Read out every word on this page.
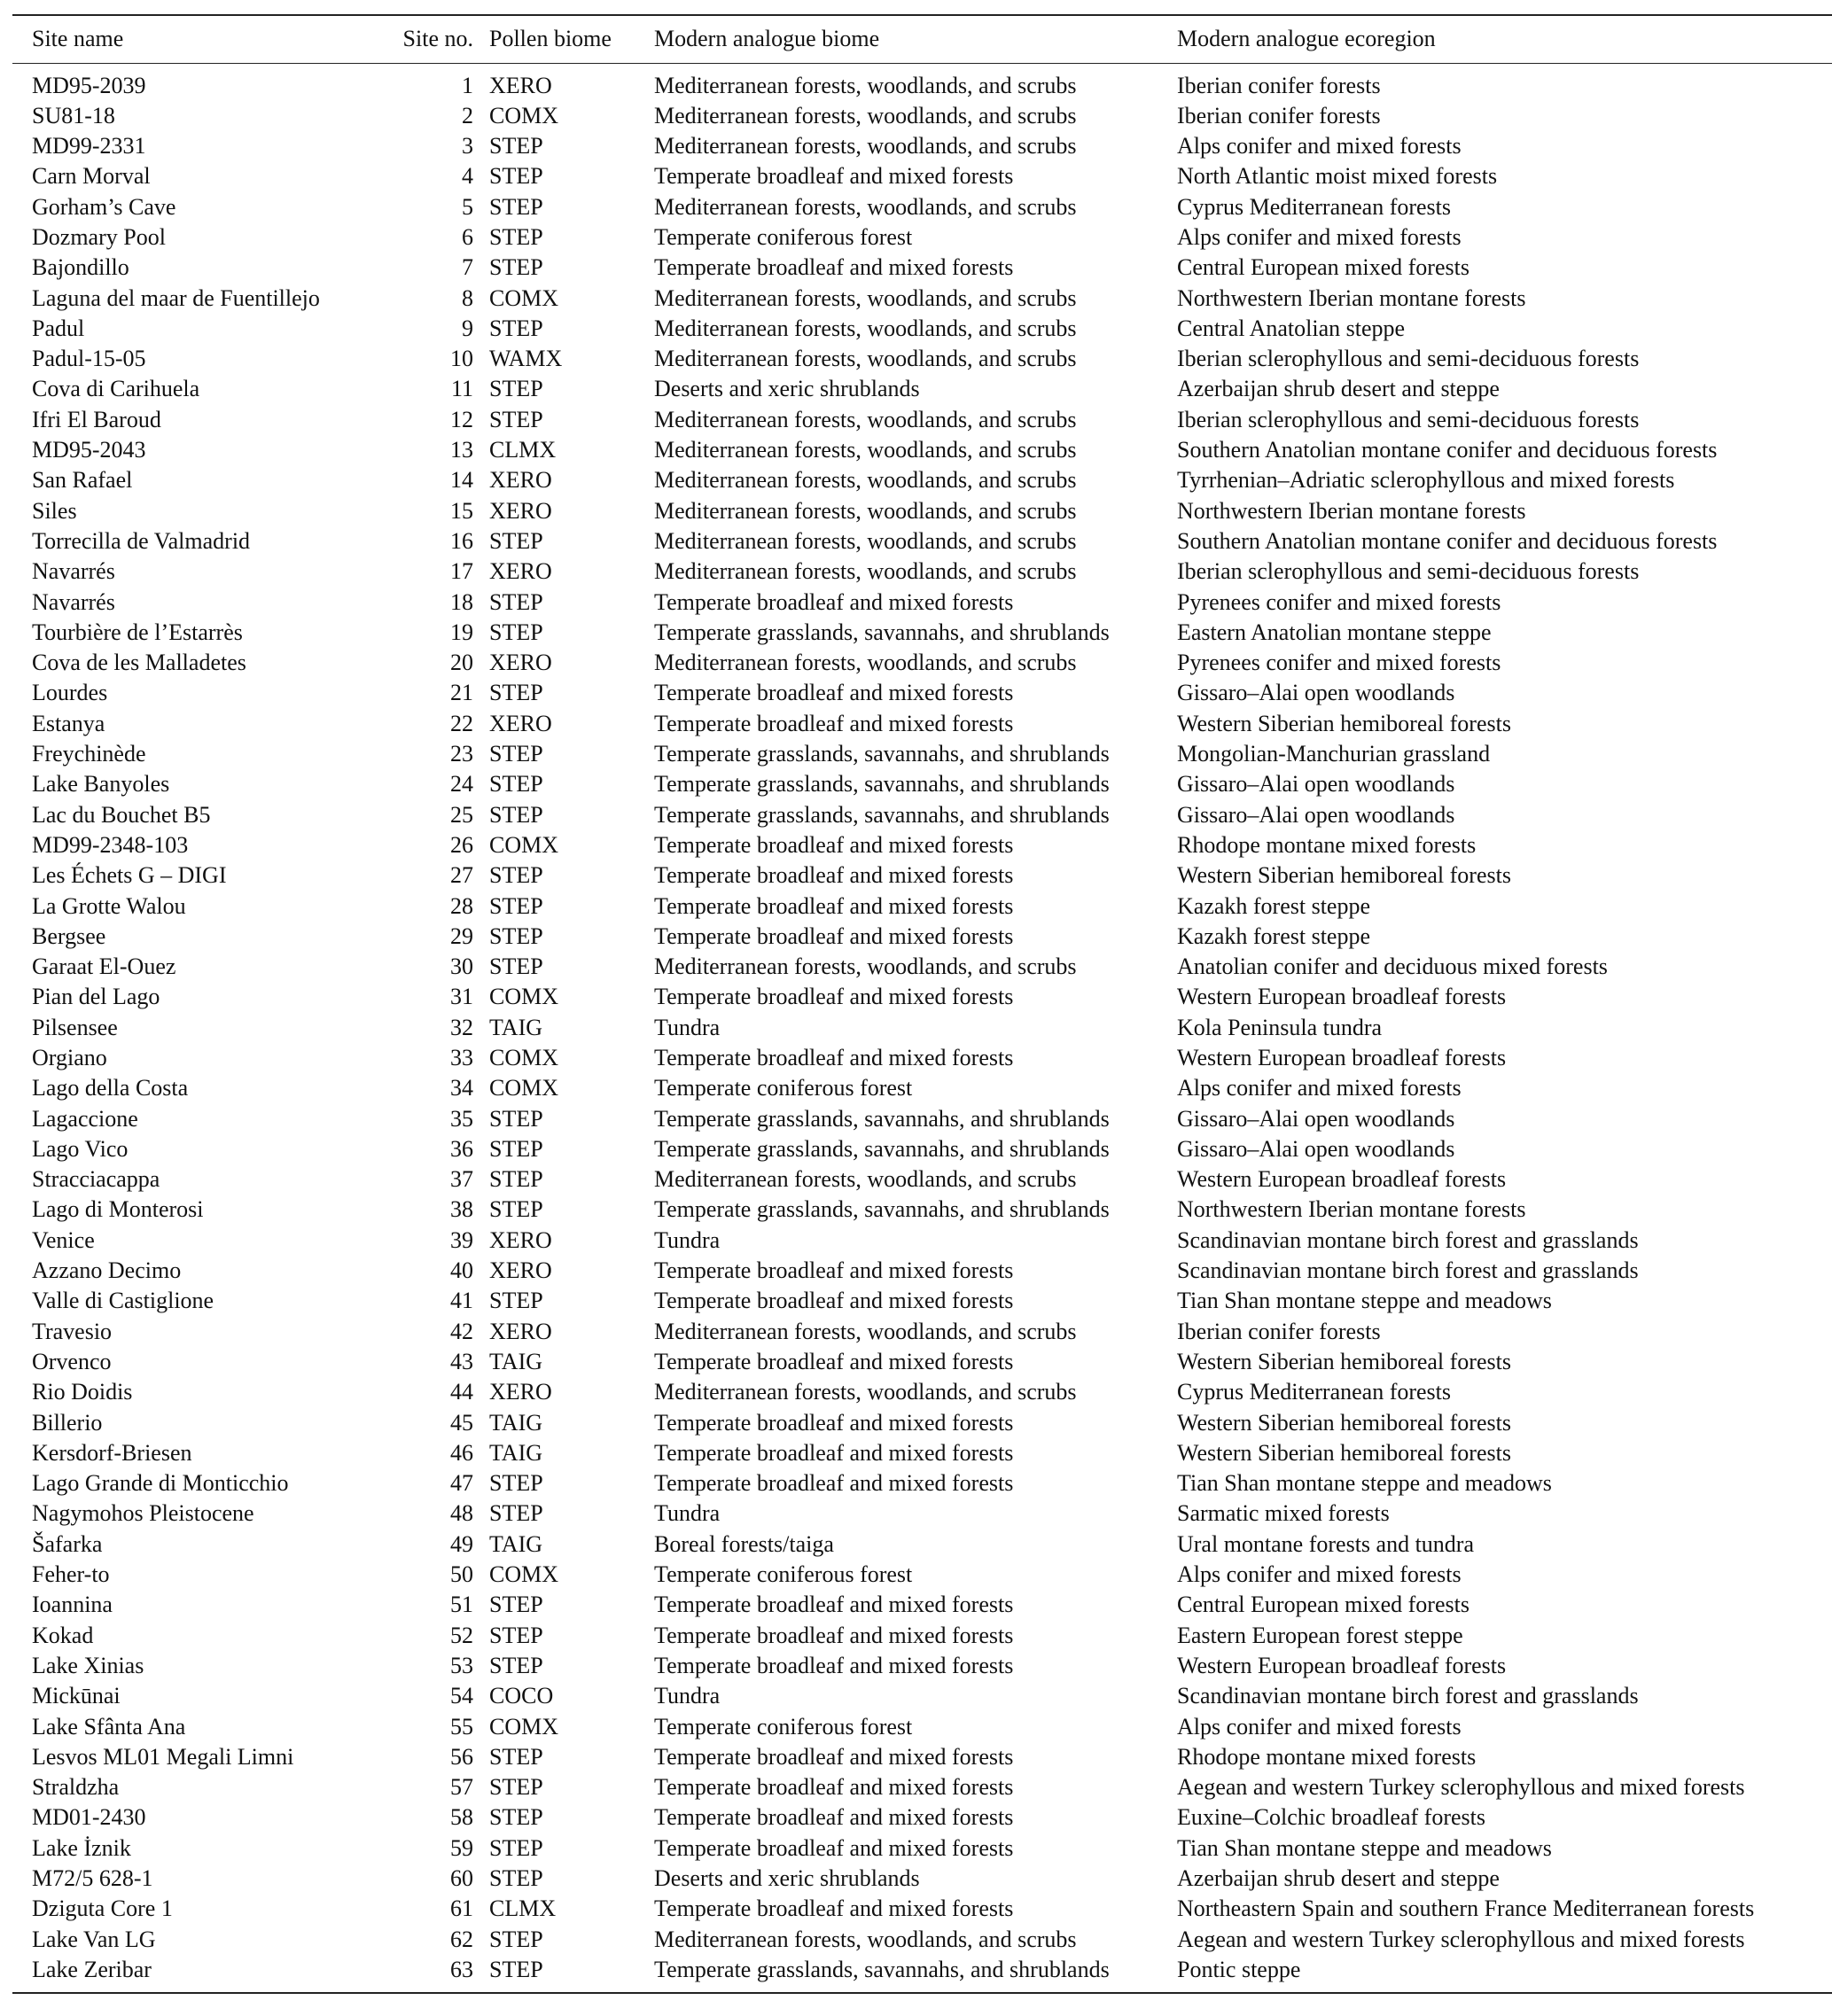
Site name	Site no.	Pollen biome	Modern analogue biome	Modern analogue ecoregion
MD95-2039	1	XERO	Mediterranean forests, woodlands, and scrubs	Iberian conifer forests
SU81-18	2	COMX	Mediterranean forests, woodlands, and scrubs	Iberian conifer forests
MD99-2331	3	STEP	Mediterranean forests, woodlands, and scrubs	Alps conifer and mixed forests
Carn Morval	4	STEP	Temperate broadleaf and mixed forests	North Atlantic moist mixed forests
Gorham’s Cave	5	STEP	Mediterranean forests, woodlands, and scrubs	Cyprus Mediterranean forests
Dozmary Pool	6	STEP	Temperate coniferous forest	Alps conifer and mixed forests
Bajondillo	7	STEP	Temperate broadleaf and mixed forests	Central European mixed forests
Laguna del maar de Fuentillejo	8	COMX	Mediterranean forests, woodlands, and scrubs	Northwestern Iberian montane forests
Padul	9	STEP	Mediterranean forests, woodlands, and scrubs	Central Anatolian steppe
Padul-15-05	10	WAMX	Mediterranean forests, woodlands, and scrubs	Iberian sclerophyllous and semi-deciduous forests
Cova di Carihuela	11	STEP	Deserts and xeric shrublands	Azerbaijan shrub desert and steppe
Ifri El Baroud	12	STEP	Mediterranean forests, woodlands, and scrubs	Iberian sclerophyllous and semi-deciduous forests
MD95-2043	13	CLMX	Mediterranean forests, woodlands, and scrubs	Southern Anatolian montane conifer and deciduous forests
San Rafael	14	XERO	Mediterranean forests, woodlands, and scrubs	Tyrrhenian–Adriatic sclerophyllous and mixed forests
Siles	15	XERO	Mediterranean forests, woodlands, and scrubs	Northwestern Iberian montane forests
Torrecilla de Valmadrid	16	STEP	Mediterranean forests, woodlands, and scrubs	Southern Anatolian montane conifer and deciduous forests
Navarrés	17	XERO	Mediterranean forests, woodlands, and scrubs	Iberian sclerophyllous and semi-deciduous forests
Navarrés	18	STEP	Temperate broadleaf and mixed forests	Pyrenees conifer and mixed forests
Tourbière de l’Estarrès	19	STEP	Temperate grasslands, savannahs, and shrublands	Eastern Anatolian montane steppe
Cova de les Malladetes	20	XERO	Mediterranean forests, woodlands, and scrubs	Pyrenees conifer and mixed forests
Lourdes	21	STEP	Temperate broadleaf and mixed forests	Gissaro–Alai open woodlands
Estanya	22	XERO	Temperate broadleaf and mixed forests	Western Siberian hemiboreal forests
Freychinède	23	STEP	Temperate grasslands, savannahs, and shrublands	Mongolian-Manchurian grassland
Lake Banyoles	24	STEP	Temperate grasslands, savannahs, and shrublands	Gissaro–Alai open woodlands
Lac du Bouchet B5	25	STEP	Temperate grasslands, savannahs, and shrublands	Gissaro–Alai open woodlands
MD99-2348-103	26	COMX	Temperate broadleaf and mixed forests	Rhodope montane mixed forests
Les Échets G – DIGI	27	STEP	Temperate broadleaf and mixed forests	Western Siberian hemiboreal forests
La Grotte Walou	28	STEP	Temperate broadleaf and mixed forests	Kazakh forest steppe
Bergsee	29	STEP	Temperate broadleaf and mixed forests	Kazakh forest steppe
Garaat El-Ouez	30	STEP	Mediterranean forests, woodlands, and scrubs	Anatolian conifer and deciduous mixed forests
Pian del Lago	31	COMX	Temperate broadleaf and mixed forests	Western European broadleaf forests
Pilsensee	32	TAIG	Tundra	Kola Peninsula tundra
Orgiano	33	COMX	Temperate broadleaf and mixed forests	Western European broadleaf forests
Lago della Costa	34	COMX	Temperate coniferous forest	Alps conifer and mixed forests
Lagaccione	35	STEP	Temperate grasslands, savannahs, and shrublands	Gissaro–Alai open woodlands
Lago Vico	36	STEP	Temperate grasslands, savannahs, and shrublands	Gissaro–Alai open woodlands
Stracciacappa	37	STEP	Mediterranean forests, woodlands, and scrubs	Western European broadleaf forests
Lago di Monterosi	38	STEP	Temperate grasslands, savannahs, and shrublands	Northwestern Iberian montane forests
Venice	39	XERO	Tundra	Scandinavian montane birch forest and grasslands
Azzano Decimo	40	XERO	Temperate broadleaf and mixed forests	Scandinavian montane birch forest and grasslands
Valle di Castiglione	41	STEP	Temperate broadleaf and mixed forests	Tian Shan montane steppe and meadows
Travesio	42	XERO	Mediterranean forests, woodlands, and scrubs	Iberian conifer forests
Orvenco	43	TAIG	Temperate broadleaf and mixed forests	Western Siberian hemiboreal forests
Rio Doidis	44	XERO	Mediterranean forests, woodlands, and scrubs	Cyprus Mediterranean forests
Billerio	45	TAIG	Temperate broadleaf and mixed forests	Western Siberian hemiboreal forests
Kersdorf-Briesen	46	TAIG	Temperate broadleaf and mixed forests	Western Siberian hemiboreal forests
Lago Grande di Monticchio	47	STEP	Temperate broadleaf and mixed forests	Tian Shan montane steppe and meadows
Nagymohos Pleistocene	48	STEP	Tundra	Sarmatic mixed forests
Šafarka	49	TAIG	Boreal forests/taiga	Ural montane forests and tundra
Feher-to	50	COMX	Temperate coniferous forest	Alps conifer and mixed forests
Ioannina	51	STEP	Temperate broadleaf and mixed forests	Central European mixed forests
Kokad	52	STEP	Temperate broadleaf and mixed forests	Eastern European forest steppe
Lake Xinias	53	STEP	Temperate broadleaf and mixed forests	Western European broadleaf forests
Mickūnai	54	COCO	Tundra	Scandinavian montane birch forest and grasslands
Lake Sfânta Ana	55	COMX	Temperate coniferous forest	Alps conifer and mixed forests
Lesvos ML01 Megali Limni	56	STEP	Temperate broadleaf and mixed forests	Rhodope montane mixed forests
Straldzha	57	STEP	Temperate broadleaf and mixed forests	Aegean and western Turkey sclerophyllous and mixed forests
MD01-2430	58	STEP	Temperate broadleaf and mixed forests	Euxine–Colchic broadleaf forests
Lake İznik	59	STEP	Temperate broadleaf and mixed forests	Tian Shan montane steppe and meadows
M72/5 628-1	60	STEP	Deserts and xeric shrublands	Azerbaijan shrub desert and steppe
Dziguta Core 1	61	CLMX	Temperate broadleaf and mixed forests	Northeastern Spain and southern France Mediterranean forests
Lake Van LG	62	STEP	Mediterranean forests, woodlands, and scrubs	Aegean and western Turkey sclerophyllous and mixed forests
Lake Zeribar	63	STEP	Temperate grasslands, savannahs, and shrublands	Pontic steppe
